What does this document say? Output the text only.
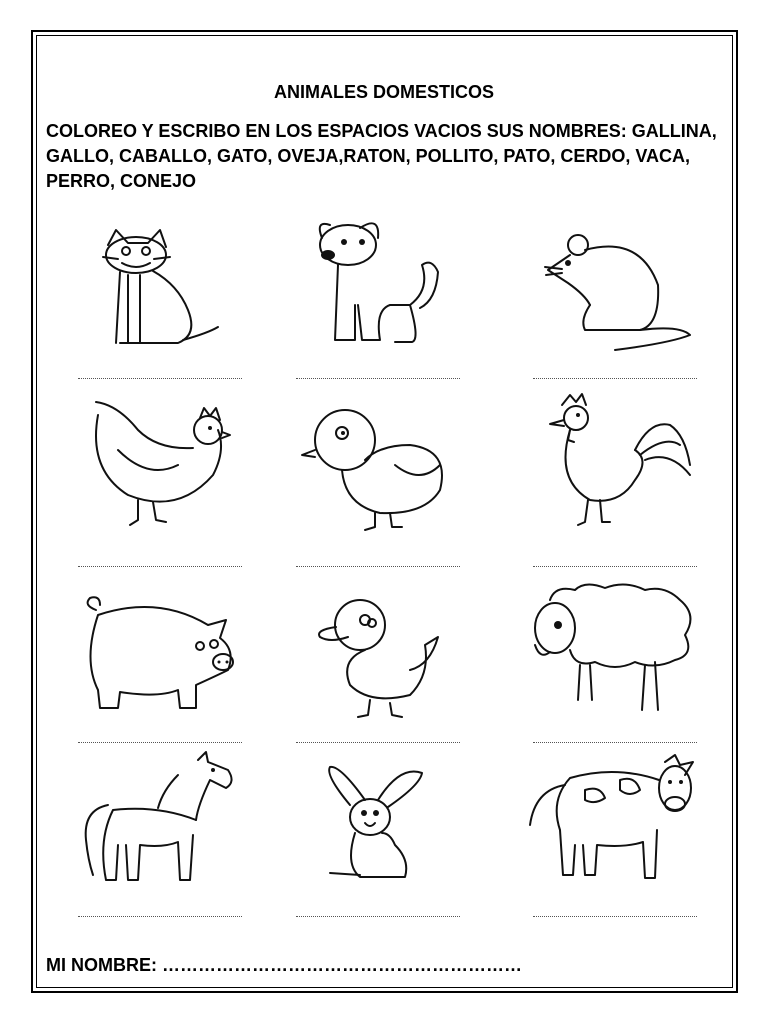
ANIMALES DOMESTICOS
COLOREO Y ESCRIBO EN LOS ESPACIOS VACIOS SUS NOMBRES: GALLINA, GALLO, CABALLO, GATO, OVEJA,RATON, POLLITO, PATO, CERDO, VACA, PERRO, CONEJO
MI NOMBRE: ……………………………………………………
